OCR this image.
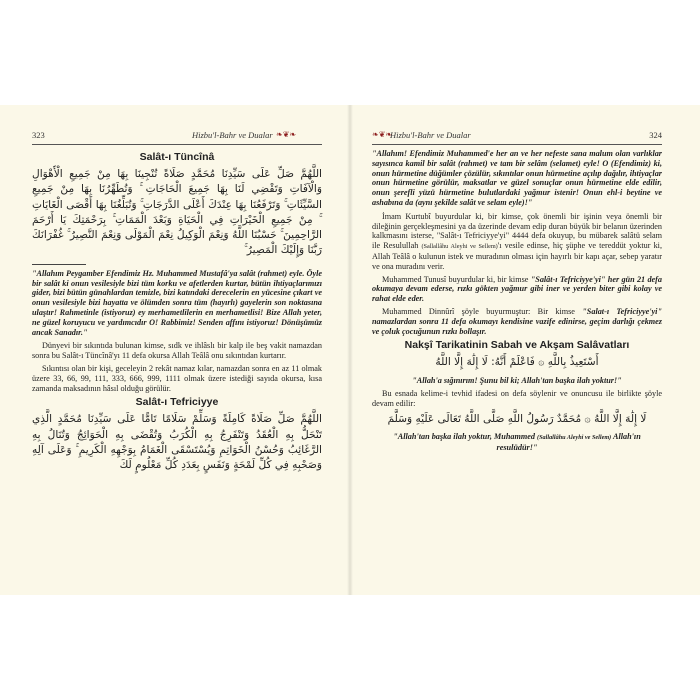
323	Hizbu'l-Bahr ve Dualar ❧❦❧
Salât-ı Tüncînâ
اللَّهُمَّ صَلِّ عَلَى سَيِّدِنَا مُحَمَّدٍ صَلَاةً تُنْجِينَا بِهَا مِنْ جَمِيعِ الْأَهْوَالِ وَالْآفَاتِ وَتَقْضِي لَنَا بِهَا جَمِيعَ الْحَاجَاتِ ۚ وَتُطَهِّرُنَا بِهَا مِنْ جَمِيعِ السَّيِّئَاتِ ۚ وَتَرْفَعُنَا بِهَا عِنْدَكَ أَعْلَى الدَّرَجَاتِ ۚ وَتُبَلِّغُنَا بِهَا أَقْصَى الْغَايَاتِ ۚ مِنْ جَمِيعِ الْخَيْرَاتِ فِي الْحَيَاةِ وَبَعْدَ الْمَمَاتِ ۚ بِرَحْمَتِكَ يَا أَرْحَمَ الرَّاحِمِينَ ۚ حَسْبُنَا اللَّهُ وَنِعْمَ الْوَكِيلُ نِعْمَ الْمَوْلَى وَنِعْمَ النَّصِيرُ ۚ غُفْرَانَكَ رَبَّنَا وَإِلَيْكَ الْمَصِيرُ ۚ
"Allahım Peygamber Efendimiz Hz. Muhammed Mustafâ'ya salât (rahmet) eyle. Öyle bir salât ki onun vesilesiyle bizi tüm korku ve afetlerden kurtar, bütün ihtiyaçlarımızı gider, bizi bütün günahlardan temizle, bizi katındaki derecelerin en yücesine çıkart ve onun vesilesiyle bizi hayatta ve ölümden sonra tüm (hayırlı) gayelerin son noktasına ulaştır! Rahmetinle (istiyoruz) ey merhametlilerin en merhametlisi! Bize Allah yeter, ne güzel koruyucu ve yardımcıdır O! Rabbimiz! Senden affını istiyoruz! Dönüşümüz ancak Sanadır."
Dünyevi bir sıkıntıda bulunan kimse, sıdk ve ihlâslı bir kalp ile beş vakit namazdan sonra bu Salât-ı Tüncînâ'yı 11 defa okursa Allah Teâlâ onu sıkıntıdan kurtarır.
Sıkıntısı olan bir kişi, geceleyin 2 rekât namaz kılar, namazdan sonra en az 11 olmak üzere 33, 66, 99, 111, 333, 666, 999, 1111 olmak üzere istediği sayıda okursa, kısa zamanda maksadının hâsıl olduğu görülür.
Salât-ı Tefriciyye
اللَّهُمَّ صَلِّ صَلَاةً كَامِلَةً وَسَلِّمْ سَلَامًا تَامًّا عَلَى سَيِّدِنَا مُحَمَّدٍ الَّذِي تَنْحَلُّ بِهِ الْعُقَدُ وَتَنْفَرِجُ بِهِ الْكُرَبُ وَتُقْضَى بِهِ الْحَوَائِجُ وَتُنَالُ بِهِ الرَّغَائِبُ وَحُسْنُ الْخَوَاتِمِ وَيُسْتَسْقَى الْغَمَامُ بِوَجْهِهِ الْكَرِيمِ ۚ وَعَلَى آلِهِ وَصَحْبِهِ فِي كُلِّ لَمْحَةٍ وَنَفَسٍ بِعَدَدِ كُلِّ مَعْلُومٍ لَكَ
❧❦❧
Hizbu'l-Bahr ve Dualar	324
"Allahım! Efendimiz Muhammed'e her an ve her nefeste sana malum olan varlıklar sayısınca kamil bir salât (rahmet) ve tam bir selâm (selamet) eyle! O (Efendimiz) ki, onun hürmetine düğümler çözülür, sıkıntılar onun hürmetine açılıp dağılır, ihtiyaçlar onun hürmetine görülür, maksatlar ve güzel sonuçlar onun hürmetine elde edilir, onun şerefli yüzü hürmetine bulutlardaki yağmur istenir! Onun ehl-i beytine ve ashabına da (aynı şekilde salât ve selam eyle)!"
İmam Kurtubî buyurdular ki, bir kimse, çok önemli bir işinin veya önemli bir dileğinin gerçekleşmesini ya da üzerinde devam edip duran büyük bir belanın üzerinden kalkmasını isterse, "Salât-ı Tefriciyye'yi" 4444 defa okuyup, bu mübarek salâtü selam ile Resulullah (Sallallâhu Aleyhi ve Sellem)'ı vesile edinse, hiç şüphe ve tereddüt yoktur ki, Allah Teâlâ o kulunun istek ve muradının olması için hayırlı bir kapı açar, sebep yaratır ve ona muradını verir.
Muhammed Tunusî buyurdular ki, bir kimse "Salât-ı Tefriciyye'yi" her gün 21 defa okumaya devam ederse, rızkı gökten yağmur gibi iner ve yerden biter gibi kolay ve rahat elde eder.
Muhammed Dinnûrî şöyle buyurmuştur: Bir kimse "Salat-ı Tefriciyye'yi" namazlardan sonra 11 defa okumayı kendisine vazife edinirse, geçim darlığı çekmez ve çoluk çocuğunun rızkı bollaşır.
Nakşî Tarikatinin Sabah ve Akşam Salâvatları
أَسْتَعِيذُ بِاللَّهِ ۞ فَاعْلَمْ أَنَّهُ: لَا إِلَٰهَ إِلَّا اللَّهُ
"Allah'a sığınırım! Şunu bil ki; Allah'tan başka ilah yoktur!"
Bu esnada kelime-i tevhid ifadesi on defa söylenir ve onuncusu ile birlikte şöyle devam edilir:
لَا إِلَٰهَ إِلَّا اللَّهُ ۞ مُحَمَّدٌ رَسُولُ اللَّهِ صَلَّى اللَّهُ تَعَالَى عَلَيْهِ وَسَلَّمَ
"Allah'tan başka ilah yoktur, Muhammed (Sallallâhu Aleyhi ve Sellem) Allah'ın resulüdür!"
